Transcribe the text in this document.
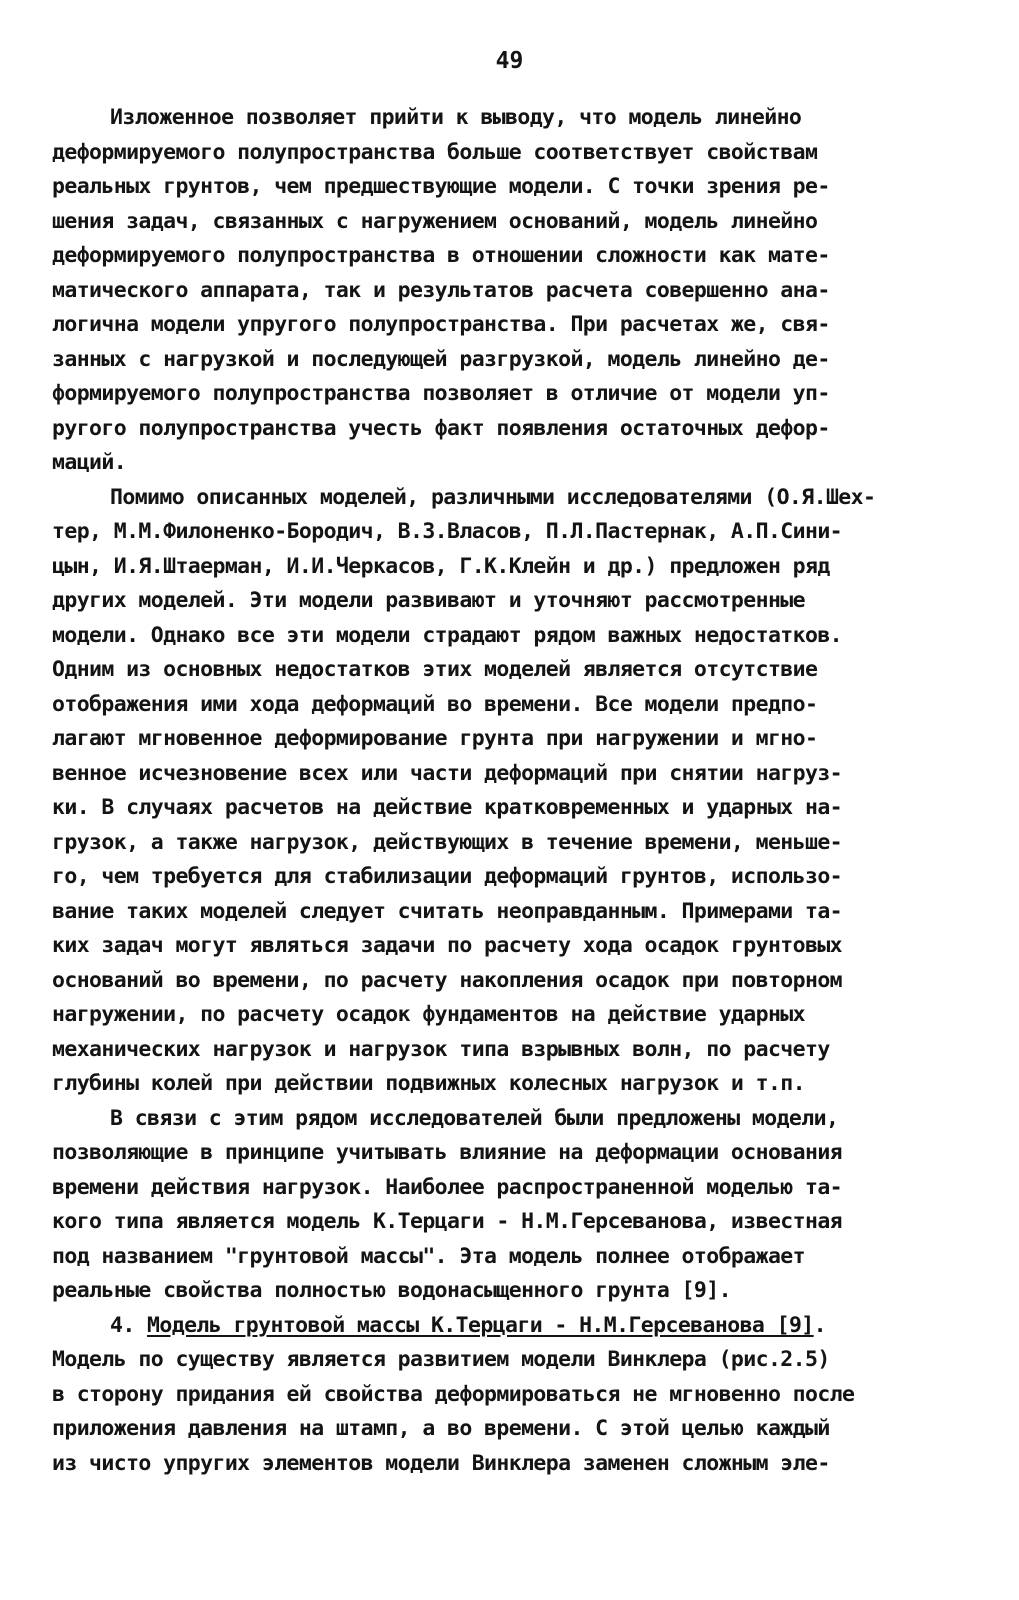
49
Изложенное позволяет прийти к выводу, что модель линейно
деформируемого полупространства больше соответствует свойствам
реальных грунтов, чем предшествующие модели. С точки зрения ре-
шения задач, связанных с нагружением оснований, модель линейно
деформируемого полупространства в отношении сложности как мате-
матического аппарата, так и результатов расчета совершенно ана-
логична модели упругого полупространства. При расчетах же, свя-
занных с нагрузкой и последующей разгрузкой, модель линейно де-
формируемого полупространства позволяет в отличие от модели уп-
ругого полупространства учесть факт появления остаточных дефор-
маций.
Помимо описанных моделей, различными исследователями (О.Я.Шех-
тер, М.М.Филоненко-Бородич, В.З.Власов, П.Л.Пастернак, А.П.Сини-
цын, И.Я.Штаерман, И.И.Черкасов, Г.К.Клейн и др.) предложен ряд
других моделей. Эти модели развивают и уточняют рассмотренные
модели. Однако все эти модели страдают рядом важных недостатков.
Одним из основных недостатков этих моделей является отсутствие
отображения ими хода деформаций во времени. Все модели предпо-
лагают мгновенное деформирование грунта при нагружении и мгно-
венное исчезновение всех или части деформаций при снятии нагруз-
ки. В случаях расчетов на действие кратковременных и ударных на-
грузок, а также нагрузок, действующих в течение времени, меньше-
го, чем требуется для стабилизации деформаций грунтов, использо-
вание таких моделей следует считать неоправданным. Примерами та-
ких задач могут являться задачи по расчету хода осадок грунтовых
оснований во времени, по расчету накопления осадок при повторном
нагружении, по расчету осадок фундаментов на действие ударных
механических нагрузок и нагрузок типа взрывных волн, по расчету
глубины колей при действии подвижных колесных нагрузок и т.п.
В связи с этим рядом исследователей были предложены модели,
позволяющие в принципе учитывать влияние на деформации основания
времени действия нагрузок. Наиболее распространенной моделью та-
кого типа является модель К.Терцаги - Н.М.Герсеванова, известная
под названием "грунтовой массы". Эта модель полнее отображает
реальные свойства полностью водонасыщенного грунта [9].
4. Модель грунтовой массы К.Терцаги - Н.М.Герсеванова [9].
Модель по существу является развитием модели Винклера (рис.2.5)
в сторону придания ей свойства деформироваться не мгновенно после
приложения давления на штамп, а во времени. С этой целью каждый
из чисто упругих элементов модели Винклера заменен сложным эле-
